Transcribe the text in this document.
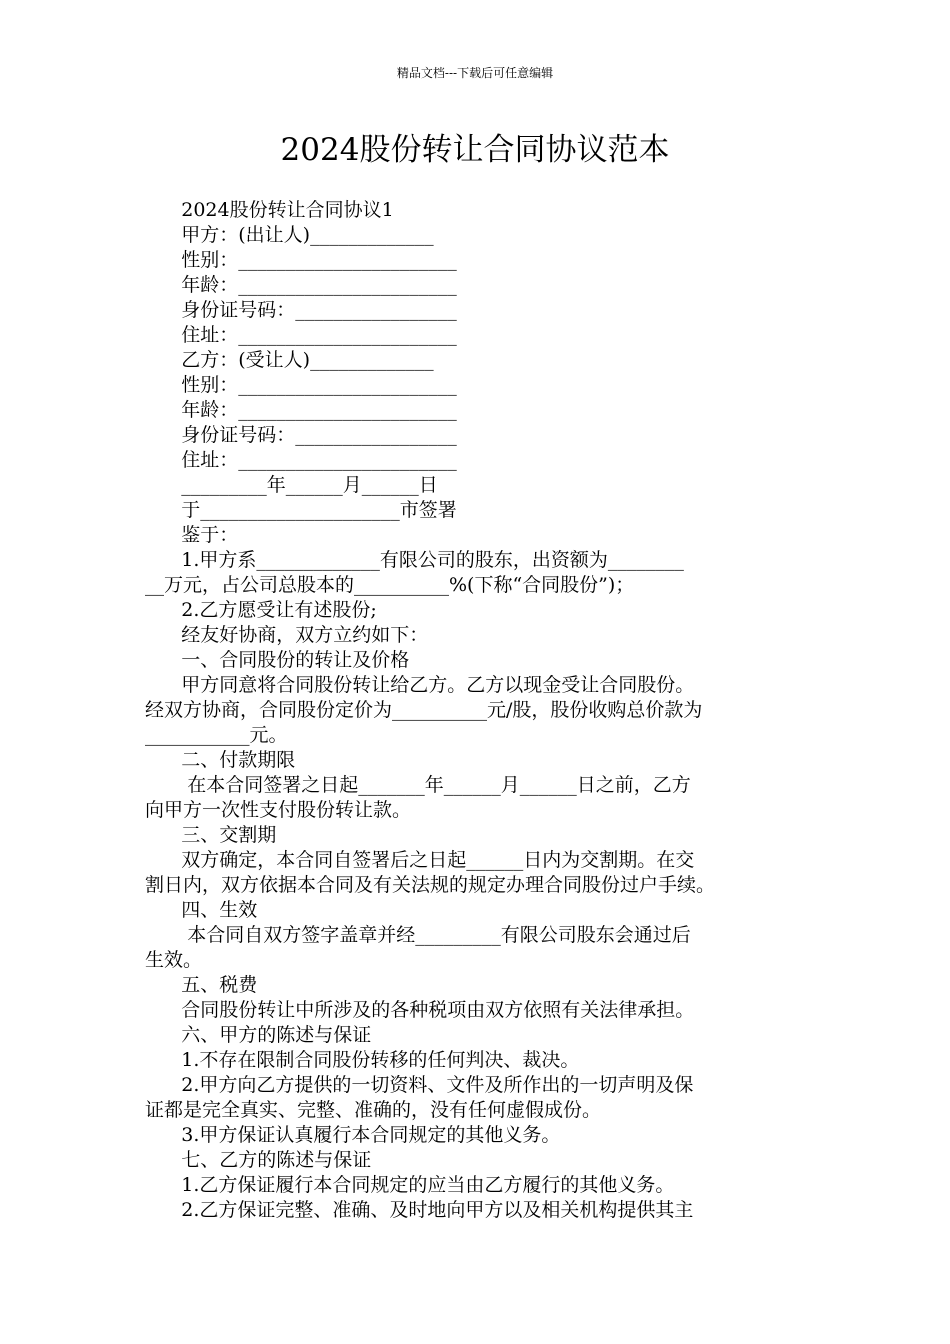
精品文档---下载后可任意编辑
2024股份转让合同协议范本
2024股份转让合同协议1
甲方：(出让人)_____________
性别：_______________________
年龄：_______________________
身份证号码：_________________
住址：_______________________
乙方：(受让人)_____________
性别：_______________________
年龄：_______________________
身份证号码：_________________
住址：_______________________
_________年______月______日
于_____________________市签署
鉴于：
1.甲方系_____________有限公司的股东，出资额为________
__万元，占公司总股本的__________%(下称“合同股份”)；
2.乙方愿受让有述股份;
经友好协商，双方立约如下：
一、合同股份的转让及价格
甲方同意将合同股份转让给乙方。乙方以现金受让合同股份。
经双方协商，合同股份定价为__________元/股，股份收购总价款为
___________元。
二、付款期限
在本合同签署之日起_______年______月______日之前，乙方
向甲方一次性支付股份转让款。
三、交割期
双方确定，本合同自签署后之日起______日内为交割期。在交
割日内，双方依据本合同及有关法规的规定办理合同股份过户手续。
四、生效
本合同自双方签字盖章并经_________有限公司股东会通过后
生效。
五、税费
合同股份转让中所涉及的各种税项由双方依照有关法律承担。
六、甲方的陈述与保证
1.不存在限制合同股份转移的任何判决、裁决。
2.甲方向乙方提供的一切资料、文件及所作出的一切声明及保
证都是完全真实、完整、准确的，没有任何虚假成份。
3.甲方保证认真履行本合同规定的其他义务。
七、乙方的陈述与保证
1.乙方保证履行本合同规定的应当由乙方履行的其他义务。
2.乙方保证完整、准确、及时地向甲方以及相关机构提供其主
